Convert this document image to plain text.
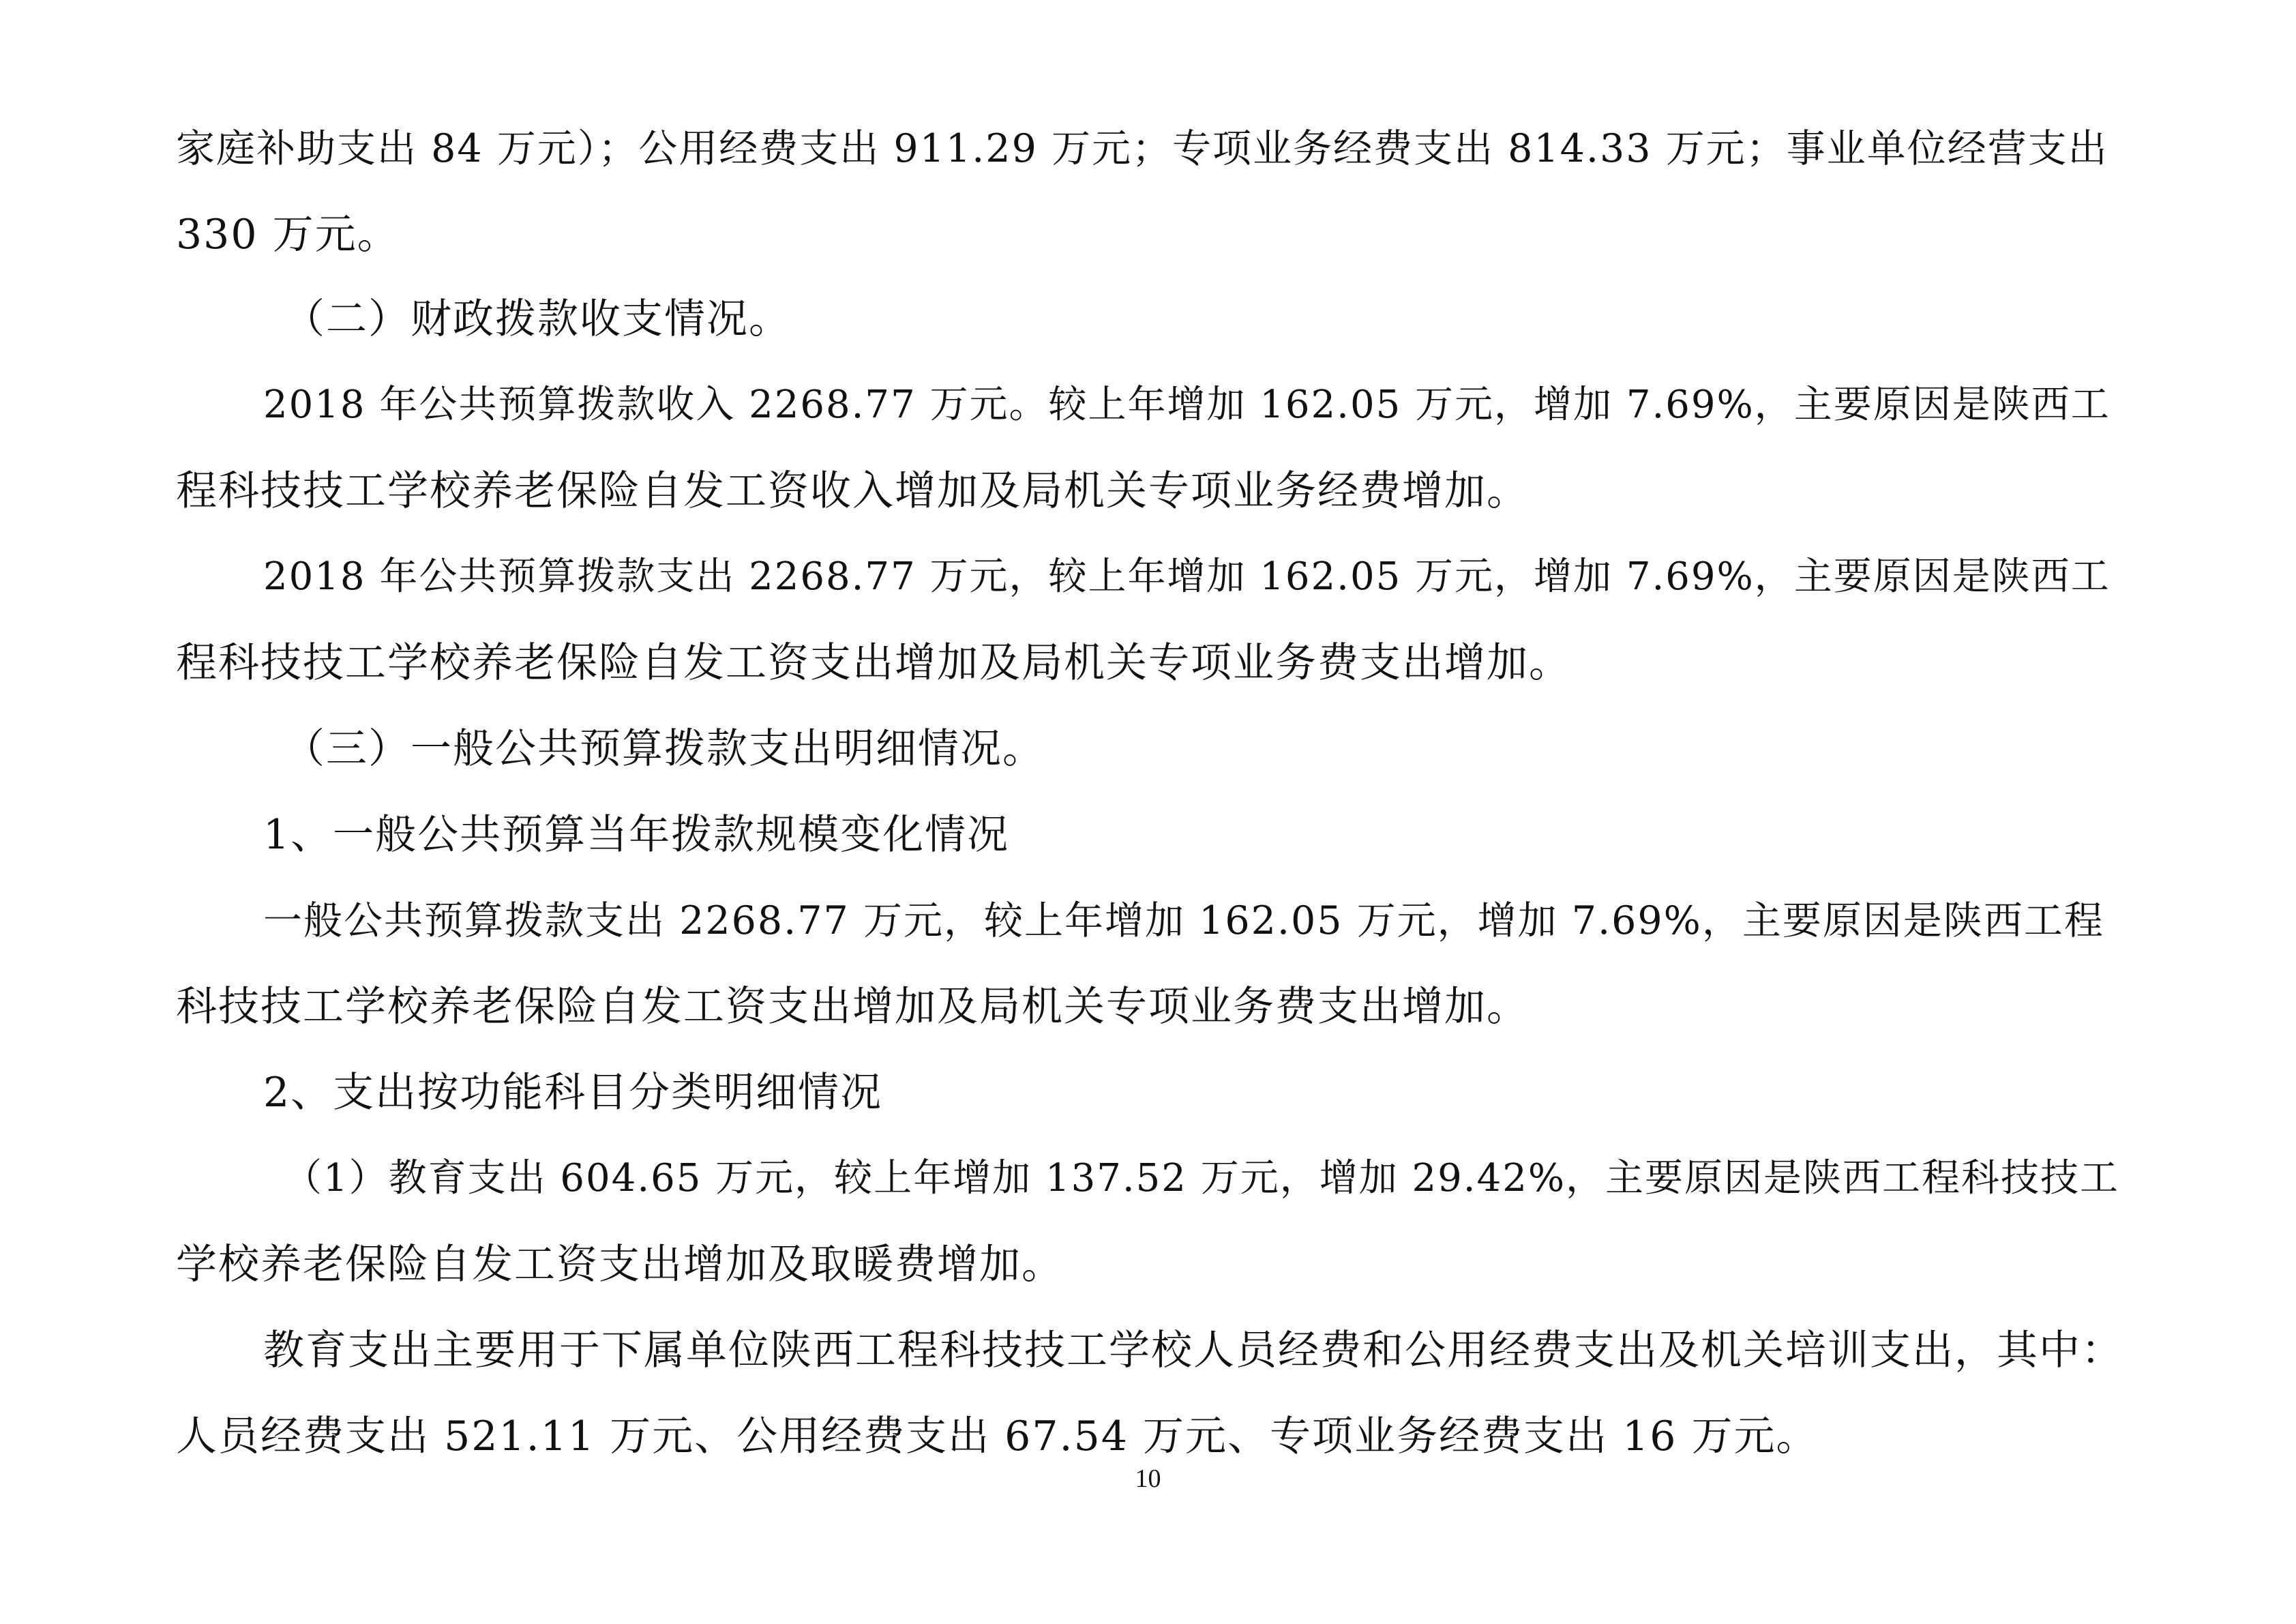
家庭补助支出 84 万元）；公用经费支出 911.29 万元；专项业务经费支出 814.33 万元；事业单位经营支出

330 万元。

（二）财政拨款收支情况。

2018 年公共预算拨款收入 2268.77 万元。较上年增加 162.05 万元，增加 7.69%，主要原因是陕西工

程科技技工学校养老保险自发工资收入增加及局机关专项业务经费增加。

2018 年公共预算拨款支出 2268.77 万元，较上年增加 162.05 万元，增加 7.69%，主要原因是陕西工

程科技技工学校养老保险自发工资支出增加及局机关专项业务费支出增加。

（三）一般公共预算拨款支出明细情况。

1、一般公共预算当年拨款规模变化情况

一般公共预算拨款支出 2268.77 万元，较上年增加 162.05 万元，增加 7.69%，主要原因是陕西工程

科技技工学校养老保险自发工资支出增加及局机关专项业务费支出增加。

2、支出按功能科目分类明细情况

（1）教育支出 604.65 万元，较上年增加 137.52 万元，增加 29.42%，主要原因是陕西工程科技技工

学校养老保险自发工资支出增加及取暖费增加。

教育支出主要用于下属单位陕西工程科技技工学校人员经费和公用经费支出及机关培训支出，其中：

人员经费支出 521.11 万元、公用经费支出 67.54 万元、专项业务经费支出 16 万元。

10
